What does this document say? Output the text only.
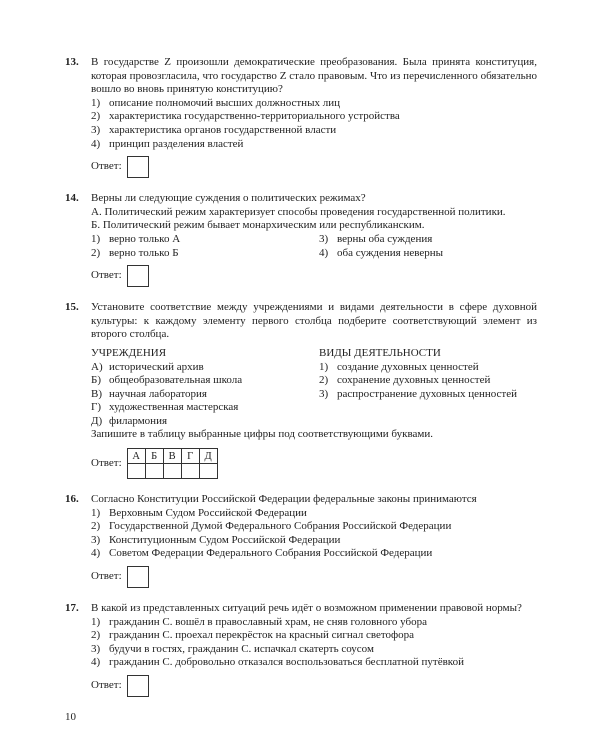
13. В государстве Z произошли демократические преобразования. Была принята конституция, которая провозгласила, что государство Z стало правовым. Что из перечисленного обязательно вошло во вновь принятую конституцию?
1) описание полномочий высших должностных лиц
2) характеристика государственно-территориального устройства
3) характеристика органов государственной власти
4) принцип разделения властей
Ответ:
14. Верны ли следующие суждения о политических режимах?
А. Политический режим характеризует способы проведения государственной политики.
Б. Политический режим бывает монархическим или республиканским.
1) верно только А	3) верны оба суждения
2) верно только Б	4) оба суждения неверны
Ответ:
15. Установите соответствие между учреждениями и видами деятельности в сфере духовной культуры: к каждому элементу первого столбца подберите соответствующий элемент из второго столбца.
УЧРЕЖДЕНИЯ
А) исторический архив
Б) общеобразовательная школа
В) научная лаборатория
Г) художественная мастерская
Д) филармония
ВИДЫ ДЕЯТЕЛЬНОСТИ
1) создание духовных ценностей
2) сохранение духовных ценностей
3) распространение духовных ценностей
Запишите в таблицу выбранные цифры под соответствующими буквами.
Ответ:
А	Б	В	Г	Д

16. Согласно Конституции Российской Федерации федеральные законы принимаются
1) Верховным Судом Российской Федерации
2) Государственной Думой Федерального Собрания Российской Федерации
3) Конституционным Судом Российской Федерации
4) Советом Федерации Федерального Собрания Российской Федерации
Ответ:
17. В какой из представленных ситуаций речь идёт о возможном применении правовой нормы?
1) гражданин С. вошёл в православный храм, не сняв головного убора
2) гражданин С. проехал перекрёсток на красный сигнал светофора
3) будучи в гостях, гражданин С. испачкал скатерть соусом
4) гражданин С. добровольно отказался воспользоваться бесплатной путёвкой
Ответ:
10
